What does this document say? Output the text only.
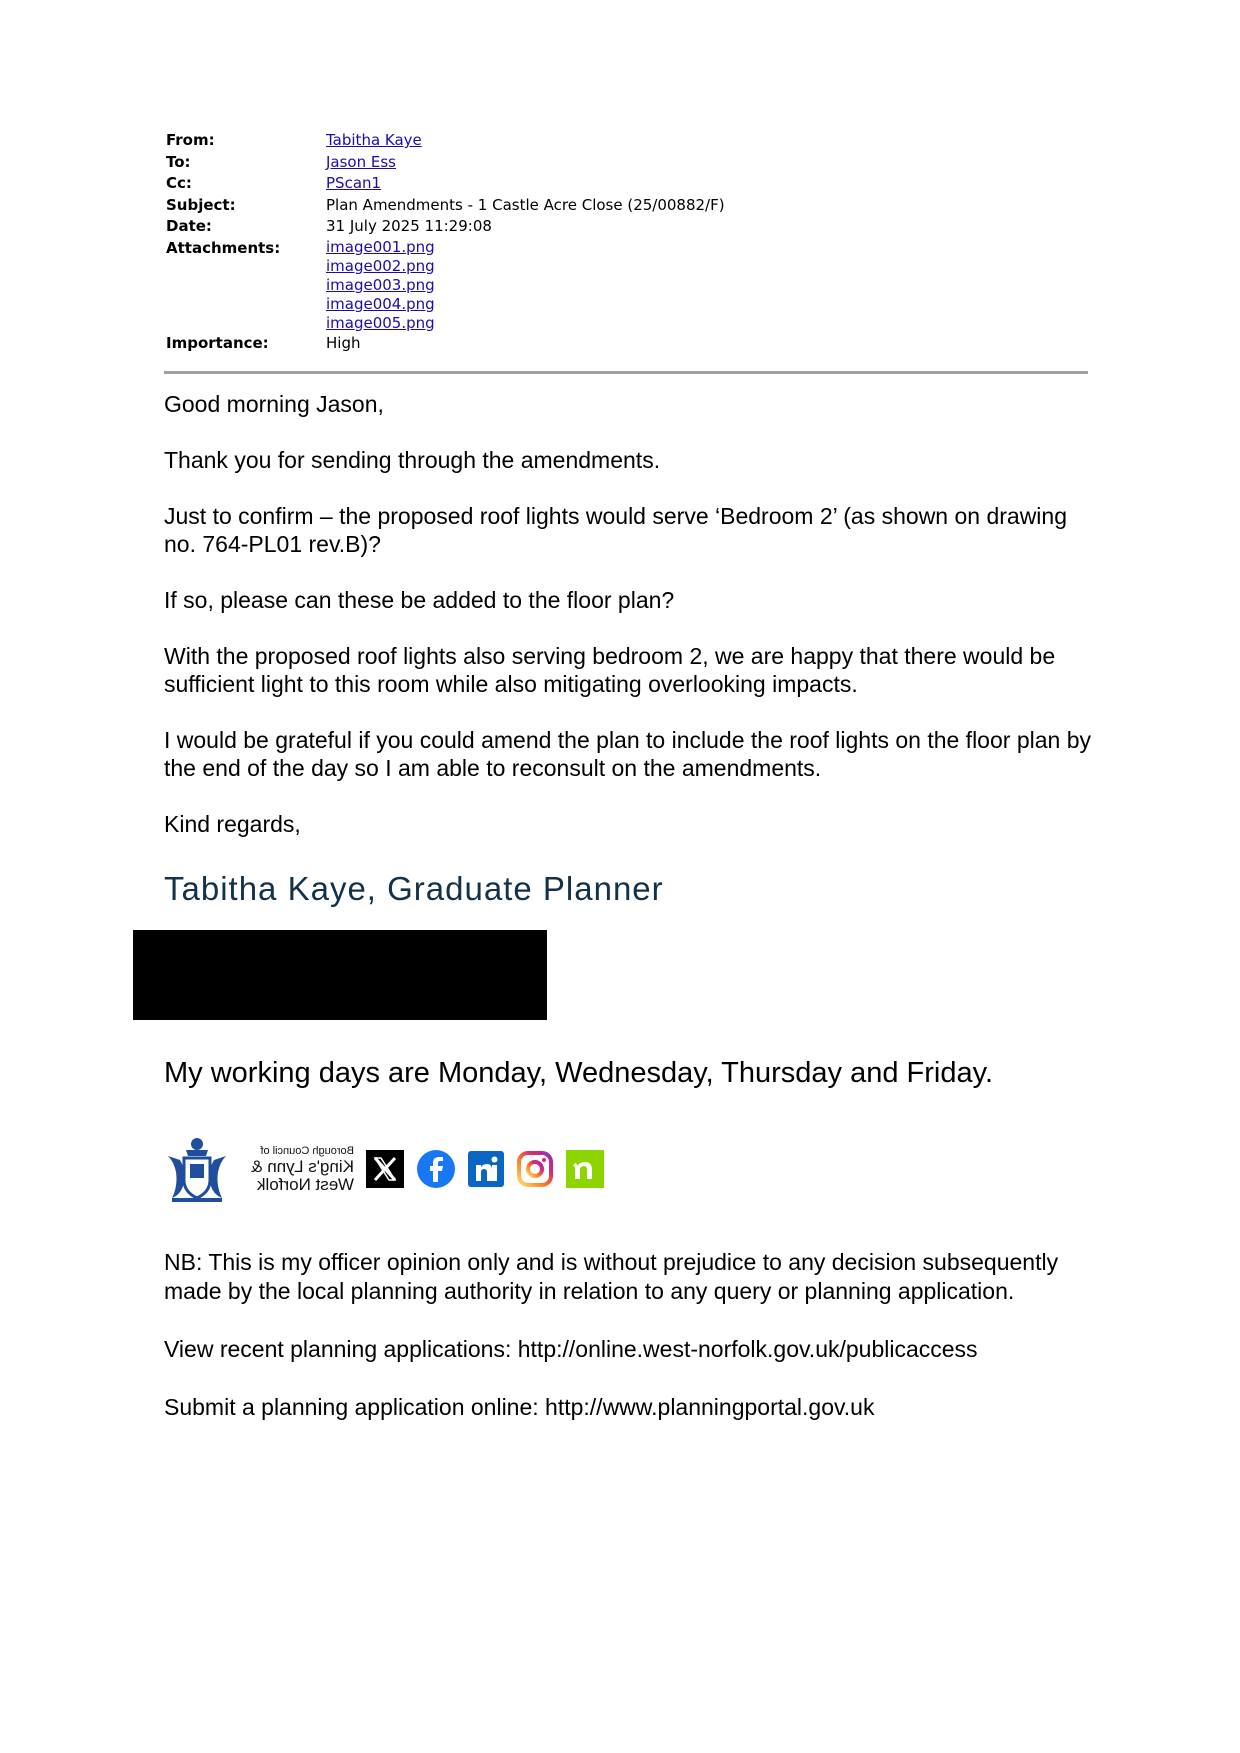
From:	Tabitha Kaye
To:	Jason Ess
Cc:	PScan1
Subject:	Plan Amendments - 1 Castle Acre Close (25/00882/F)
Date:	31 July 2025 11:29:08
Attachments:	image001.png
image002.png
image003.png
image004.png
image005.png
Importance:	High

Good morning Jason,

Thank you for sending through the amendments.

Just to confirm – the proposed roof lights would serve ‘Bedroom 2’ (as shown on drawing no. 764-PL01 rev.B)?

If so, please can these be added to the floor plan?

With the proposed roof lights also serving bedroom 2, we are happy that there would be sufficient light to this room while also mitigating overlooking impacts.

I would be grateful if you could amend the plan to include the roof lights on the floor plan by the end of the day so I am able to reconsult on the amendments.

Kind regards,

Tabitha Kaye, Graduate Planner
My working days are Monday, Wednesday, Thursday and Friday.
Borough Council of
King's Lynn &
West Norfolk

NB: This is my officer opinion only and is without prejudice to any decision subsequently made by the local planning authority in relation to any query or planning application.

View recent planning applications: http://online.west-norfolk.gov.uk/publicaccess

Submit a planning application online: http://www.planningportal.gov.uk
